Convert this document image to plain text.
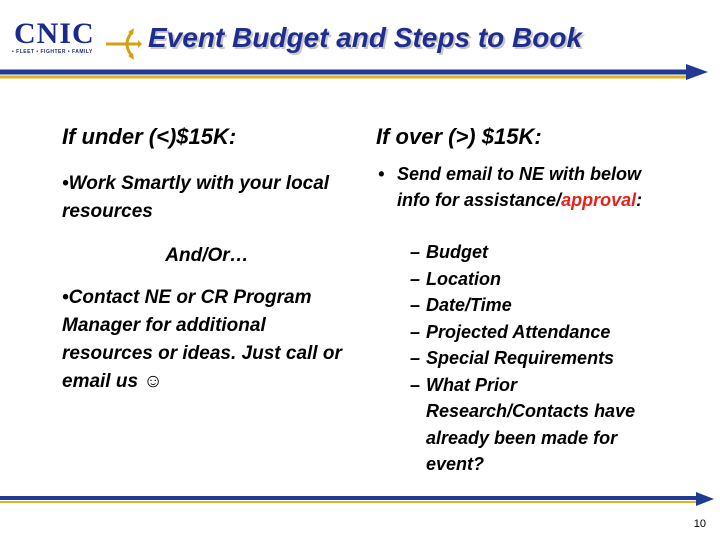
CNIC
• FLEET • FIGHTER • FAMILY Event Budget and Steps to Book
If under (<)$15K:
•Work Smartly with your local resources
And/Or…
•Contact NE or CR Program Manager for additional resources or ideas. Just call or email us ☺
If over (>) $15K:
• Send email to NE with below info for assistance/approval:
– Budget
– Location
– Date/Time
– Projected Attendance
– Special Requirements
– What Prior Research/Contacts have already been made for event?
10
